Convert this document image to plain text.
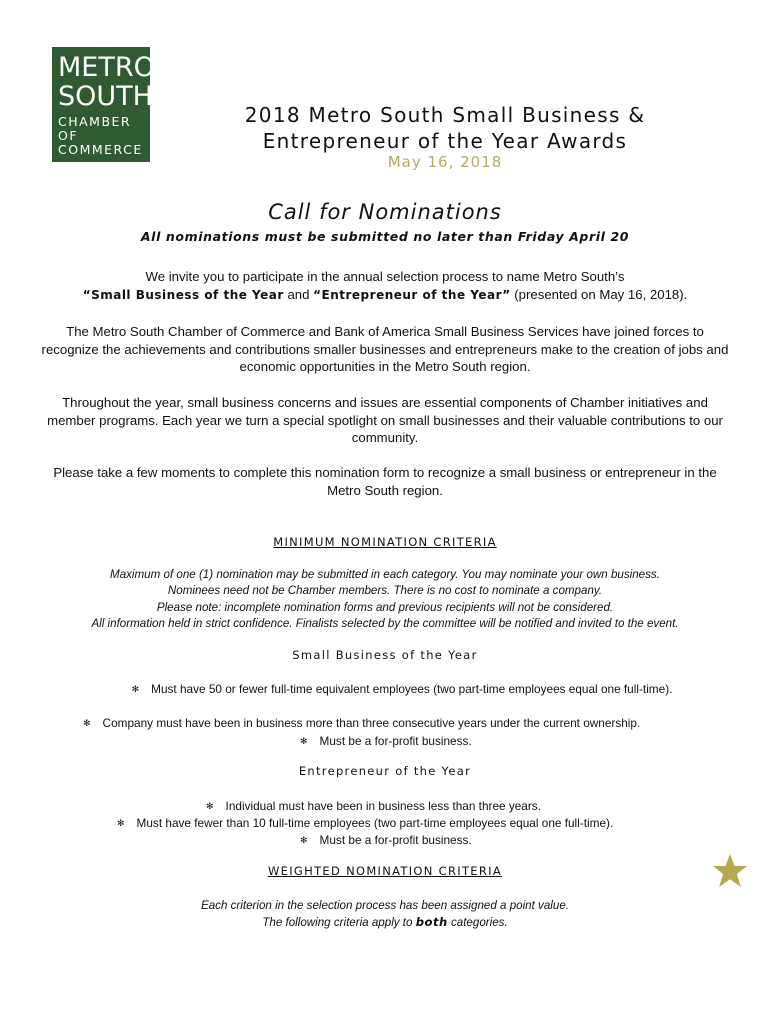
METRO
SOUTH
CHAMBER OF
COMMERCE
2018 Metro South Small Business &
Entrepreneur of the Year Awards
May 16, 2018
Call for Nominations
All nominations must be submitted no later than Friday April 20
We invite you to participate in the annual selection process to name Metro South’s
“Small Business of the Year and “Entrepreneur of the Year” (presented on May 16, 2018).
The Metro South Chamber of Commerce and Bank of America Small Business Services have joined forces to recognize the achievements and contributions smaller businesses and entrepreneurs make to the creation of jobs and economic opportunities in the Metro South region.
Throughout the year, small business concerns and issues are essential components of Chamber initiatives and member programs. Each year we turn a special spotlight on small businesses and their valuable contributions to our community.
Please take a few moments to complete this nomination form to recognize a small business or entrepreneur in the Metro South region.
MINIMUM NOMINATION CRITERIA
Maximum of one (1) nomination may be submitted in each category. You may nominate your own business.
Nominees need not be Chamber members. There is no cost to nominate a company.
Please note: incomplete nomination forms and previous recipients will not be considered.
All information held in strict confidence. Finalists selected by the committee will be notified and invited to the event.
Small Business of the Year
✻ Must have 50 or fewer full-time equivalent employees (two part-time employees equal one full-time).
✻ Company must have been in business more than three consecutive years under the current ownership.
✻ Must be a for-profit business.
Entrepreneur of the Year
✻ Individual must have been in business less than three years.
✻ Must have fewer than 10 full-time employees (two part-time employees equal one full-time).
✻ Must be a for-profit business.
WEIGHTED NOMINATION CRITERIA
Each criterion in the selection process has been assigned a point value.
The following criteria apply to both categories.
